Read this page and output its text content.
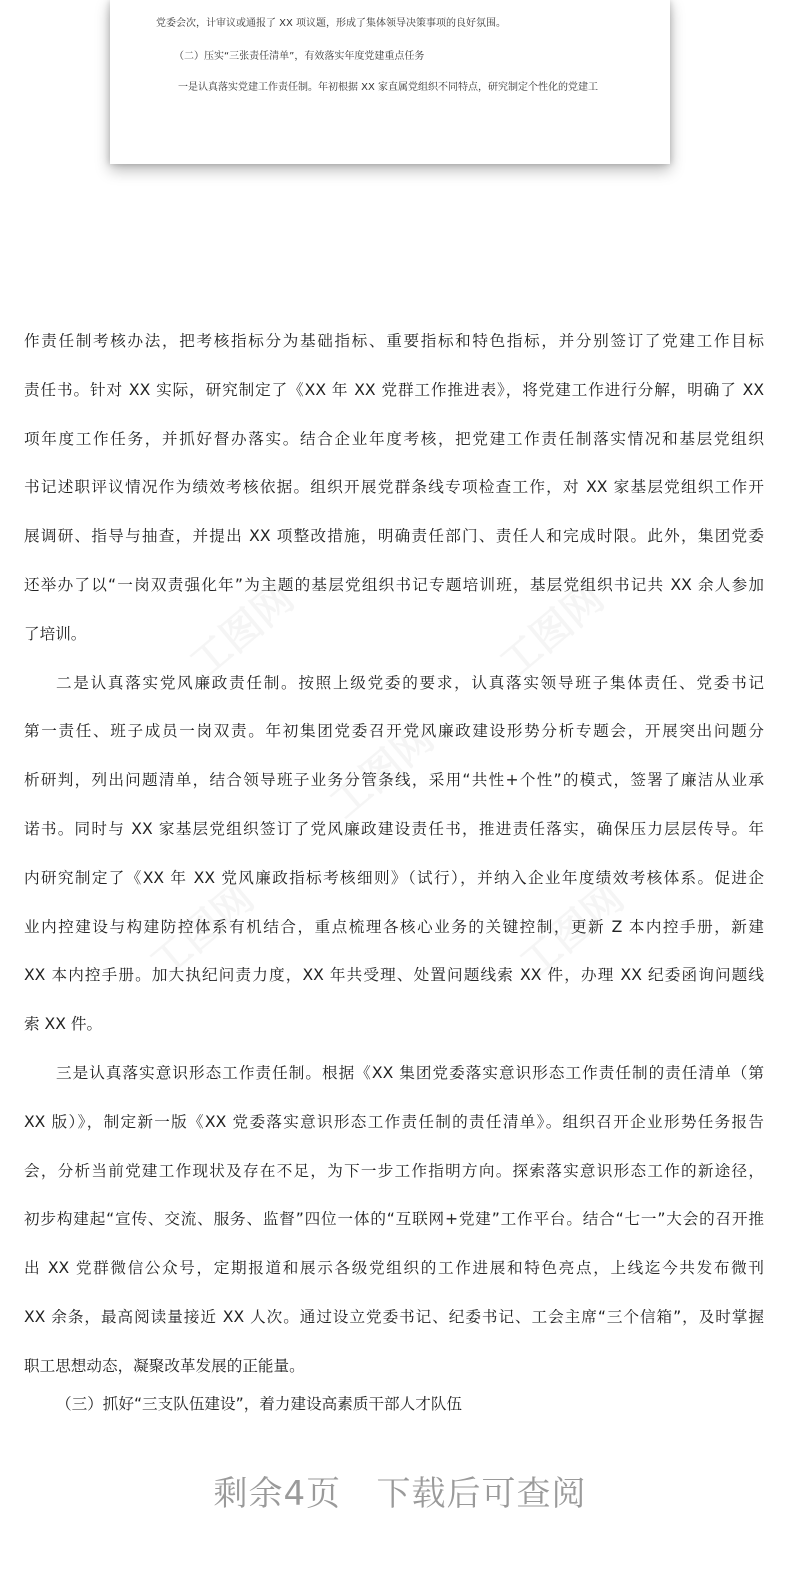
党委会次，计审议或通报了 XX 项议题，形成了集体领导决策事项的良好氛围。
（二）压实“三张责任清单”，有效落实年度党建重点任务
一是认真落实党建工作责任制。年初根据 XX 家直属党组织不同特点，研究制定个性化的党建工
作责任制考核办法，把考核指标分为基础指标、重要指标和特色指标，并分别签订了党建工作目标
责任书。针对 XX 实际，研究制定了《XX 年 XX 党群工作推进表》，将党建工作进行分解，明确了 XX
项年度工作任务，并抓好督办落实。结合企业年度考核，把党建工作责任制落实情况和基层党组织
书记述职评议情况作为绩效考核依据。组织开展党群条线专项检查工作，对 XX 家基层党组织工作开
展调研、指导与抽查，并提出 XX 项整改措施，明确责任部门、责任人和完成时限。此外，集团党委
还举办了以“一岗双责强化年”为主题的基层党组织书记专题培训班，基层党组织书记共 XX 余人参加
了培训。
二是认真落实党风廉政责任制。按照上级党委的要求，认真落实领导班子集体责任、党委书记
第一责任、班子成员一岗双责。年初集团党委召开党风廉政建设形势分析专题会，开展突出问题分
析研判，列出问题清单，结合领导班子业务分管条线，采用“共性+个性”的模式，签署了廉洁从业承
诺书。同时与 XX 家基层党组织签订了党风廉政建设责任书，推进责任落实，确保压力层层传导。年
内研究制定了《XX 年 XX 党风廉政指标考核细则》（试行），并纳入企业年度绩效考核体系。促进企
业内控建设与构建防控体系有机结合，重点梳理各核心业务的关键控制，更新 Z 本内控手册，新建
XX 本内控手册。加大执纪问责力度，XX 年共受理、处置问题线索 XX 件，办理 XX 纪委函询问题线
索 XX 件。
三是认真落实意识形态工作责任制。根据《XX 集团党委落实意识形态工作责任制的责任清单（第
XX 版）》，制定新一版《XX 党委落实意识形态工作责任制的责任清单》。组织召开企业形势任务报告
会，分析当前党建工作现状及存在不足，为下一步工作指明方向。探索落实意识形态工作的新途径，
初步构建起“宣传、交流、服务、监督”四位一体的“互联网+党建”工作平台。结合“七一”大会的召开推
出 XX 党群微信公众号，定期报道和展示各级党组织的工作进展和特色亮点，上线迄今共发布微刊
XX 余条，最高阅读量接近 XX 人次。通过设立党委书记、纪委书记、工会主席“三个信箱”，及时掌握
职工思想动态，凝聚改革发展的正能量。
（三）抓好“三支队伍建设”，着力建设高素质干部人才队伍
剩余4页   下载后可查阅
